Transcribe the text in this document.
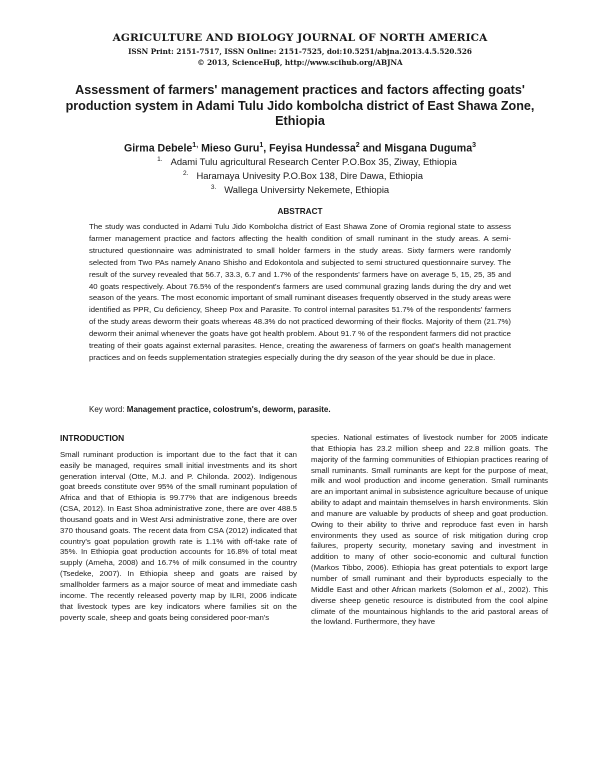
AGRICULTURE AND BIOLOGY JOURNAL OF NORTH AMERICA
ISSN Print: 2151-7517, ISSN Online: 2151-7525, doi:10.5251/abjna.2013.4.5.520.526
© 2013, ScienceHuβ, http://www.scihub.org/ABJNA
Assessment of farmers' management practices and factors affecting goats' production system in Adami Tulu Jido kombolcha district of East Shawa Zone, Ethiopia
Girma Debele$^{1,}$ Mieso Guru$^1$, Feyisa Hundessa$^2$ and Misgana Duguma$^3$
$^{1.}$ Adami Tulu agricultural Research Center P.O.Box 35, Ziway, Ethiopia
$^{2.}$ Haramaya Univesity P.O.Box 138, Dire Dawa, Ethiopia
$^{3.}$ Wallega Universirty Nekemete, Ethiopia
ABSTRACT
The study was conducted in Adami Tulu Jido Kombolcha district of East Shawa Zone of Oromia regional state to assess farmer management practice and factors affecting the health condition of small ruminant in the study areas. A semi- structured questionnaire was administrated to small holder farmers in the study areas. Sixty farmers were randomly selected from Two PAs namely Anano Shisho and Edokontola and subjected to semi structured questionnaire survey. The result of the survey revealed that 56.7, 33.3, 6.7 and 1.7% of the respondents' farmers have on average 5, 15, 25, 35 and 40 goats respectively. About 76.5% of the respondent's farmers are used communal grazing lands during the dry and wet season of the years. The most economic important of small ruminant diseases frequently observed in the study areas were identified as PPR, Cu deficiency, Sheep Pox and Parasite. To control internal parasites 51.7% of the respondents' farmers of the study areas deworm their goats whereas 48.3% do not practiced deworming of their flocks. Majority of them (21.7%) deworm their animal whenever the goats have got health problem. About 91.7 % of the respondent farmers did not practice treating of their goats against external parasites. Hence, creating the awareness of farmers on goat's health management practices and on feeds supplementation strategies especially during the dry season of the year should be due in place.
Key word: Management practice, colostrum's, deworm, parasite.
INTRODUCTION

Small ruminant production is important due to the fact that it can easily be managed, requires small initial investments and its short generation interval (Otte, M.J. and P. Chilonda. 2002). Indigenous goat breeds constitute over 95% of the small ruminant population of Africa and that of Ethiopia is 99.77% that are indigenous breeds (CSA, 2012). In East Shoa administrative zone, there are over 488.5 thousand goats and in West Arsi administrative zone, there are over 370 thousand goats. The recent data from CSA (2012) indicated that country's goat population growth rate is 1.1% with off-take rate of 35%. In Ethiopia goat production accounts for 16.8% of total meat supply (Ameha, 2008) and 16.7% of milk consumed in the country (Tsedeke, 2007). In Ethiopia sheep and goats are raised by smallholder farmers as a major source of meat and immediate cash income. The recently released poverty map by ILRI, 2006 indicate that livestock types are key indicators where families sit on the poverty scale, sheep and goats being considered poor-man's

species. National estimates of livestock number for 2005 indicate that Ethiopia has 23.2 million sheep and 22.8 million goats. The majority of the farming communities of Ethiopian practices rearing of small ruminants. Small ruminants are kept for the purpose of meat, milk and wool production and income generation. Small ruminants are an important animal in subsistence agriculture because of unique ability to adapt and maintain themselves in harsh environments. Skin and manure are valuable by products of sheep and goat production. Owing to their ability to thrive and reproduce fast even in harsh environments they used as source of risk mitigation during crop failures, property security, monetary saving and investment in addition to many of other socio-economic and cultural function (Markos Tibbo, 2006). Ethiopia has great potentials to export large number of small ruminant and their byproducts especially to the Middle East and other African markets (Solomon et al., 2002). This diverse sheep genetic resource is distributed from the cool alpine climate of the mountainous highlands to the arid pastoral areas of the lowland. Furthermore, they have
